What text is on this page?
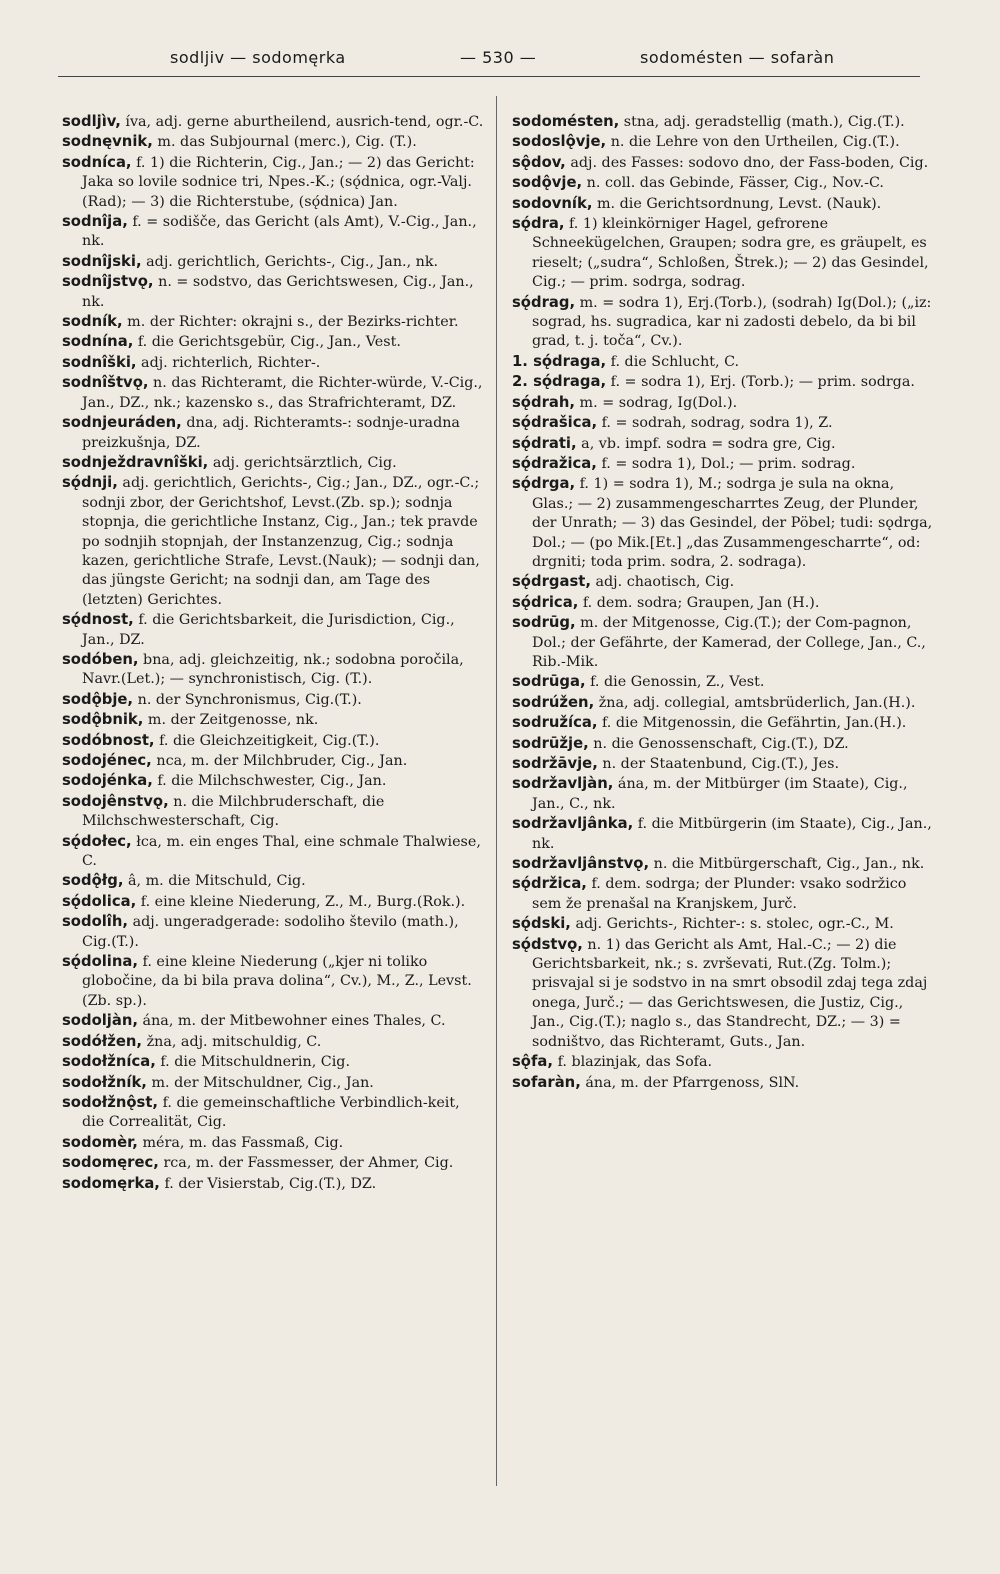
sodljiv — sodomęrka	— 530 —	sodoméstеn — sofaràn
sodljìv, íva, adj. gerne aburtheilend, ausrich-tend, ogr.-C.
sodnęvnik, m. das Subjournal (merc.), Cig. (T.).
sodníca, f. 1) die Richterin, Cig., Jan.; — 2) das Gericht: Jaka so lovile sodnice tri, Npes.-K.; (sǫ́dnica, ogr.-Valj. (Rad); — 3) die Richterstube, (sǫ́dnica) Jan.
sodnîja, f. = sodišče, das Gericht (als Amt), V.-Cig., Jan., nk.
sodnîjski, adj. gerichtlich, Gerichts-, Cig., Jan., nk.
sodnîjstvǫ, n. = sodstvo, das Gerichtswesen, Cig., Jan., nk.
sodník, m. der Richter: okrajni s., der Bezirks-richter.
sodnína, f. die Gerichtsgebür, Cig., Jan., Vest.
sodnîški, adj. richterlich, Richter-.
sodnîštvǫ, n. das Richteramt, die Richter-würde, V.-Cig., Jan., DZ., nk.; kazensko s., das Strafrichteramt, DZ.
sodnjeuráden, dna, adj. Richteramts-: sodnje-uradna preizkušnja, DZ.
sodnježdravnîški, adj. gerichtsärztlich, Cig.
sǫ́dnji, adj. gerichtlich, Gerichts-, Cig.; Jan., DZ., ogr.-C.; sodnji zbor, der Gerichtshof, Levst.(Zb. sp.); sodnja stopnja, die gerichtliche Instanz, Cig., Jan.; tek pravde po sodnjih stopnjah, der Instanzenzug, Cig.; sodnja kazen, gerichtliche Strafe, Levst.(Nauk); — sodnji dan, das jüngste Gericht; na sodnji dan, am Tage des (letzten) Gerichtes.
sǫ́dnost, f. die Gerichtsbarkeit, die Jurisdiction, Cig., Jan., DZ.
sodóben, bna, adj. gleichzeitig, nk.; sodobna poročila, Navr.(Let.); — synchronistisch, Cig. (T.).
sodǫ̂bje, n. der Synchronismus, Cig.(T.).
sodǫ̂bnik, m. der Zeitgenosse, nk.
sodóbnost, f. die Gleichzeitigkeit, Cig.(T.).
sodojénec, nca, m. der Milchbruder, Cig., Jan.
sodojénka, f. die Milchschwester, Cig., Jan.
sodojênstvǫ, n. die Milchbruderschaft, die Milchschwesterschaft, Cig.
sǫ́dołec, łca, m. ein enges Thal, eine schmale Thalwiese, C.
sodǫ̂łg, â, m. die Mitschuld, Cig.
sǫ́dolica, f. eine kleine Niederung, Z., M., Burg.(Rok.).
sodolîh, adj. ungeradgerade: sodoliho število (math.), Cig.(T.).
sǫ́dolina, f. eine kleine Niederung („kjer ni toliko globočine, da bi bila prava dolina“, Cv.), M., Z., Levst.(Zb. sp.).
sodoljàn, ána, m. der Mitbewohner eines Thales, C.
sodółžen, žna, adj. mitschuldig, C.
sodołžníca, f. die Mitschuldnerin, Cig.
sodołžník, m. der Mitschuldner, Cig., Jan.
sodołžnǫ̂st, f. die gemeinschaftliche Verbindlich-keit, die Correalität, Cig.
sodomèr, méra, m. das Fassmaß, Cig.
sodomęrec, rca, m. der Fassmesser, der Ahmer, Cig.
sodomęrka, f. der Visierstab, Cig.(T.), DZ.
sodoméstеn, stna, adj. geradstellig (math.), Cig.(T.).
sodoslǫ̂vje, n. die Lehre von den Urtheilen, Cig.(T.).
sǫ̂dov, adj. des Fasses: sodovo dno, der Fass-boden, Cig.
sodǫ̂vje, n. coll. das Gebinde, Fässer, Cig., Nov.-C.
sodovník, m. die Gerichtsordnung, Levst. (Nauk).
sǫ́dra, f. 1) kleinkörniger Hagel, gefrorene Schneekügelchen, Graupen; sodra gre, es gräupelt, es rieselt; („sudra“, Schloßen, Štrek.); — 2) das Gesindel, Cig.; — prim. sodrga, sodrag.
sǫ́drag, m. = sodra 1), Erj.(Torb.), (sodrah) Ig(Dol.); („iz: sograd, hs. sugradica, kar ni zadosti debelo, da bi bil grad, t. j. toča“, Cv.).
1. sǫ́draga, f. die Schlucht, C.
2. sǫ́draga, f. = sodra 1), Erj. (Torb.); — prim. sodrga.
sǫ́drah, m. = sodrag, Ig(Dol.).
sǫ́drašica, f. = sodrah, sodrag, sodra 1), Z.
sǫ́drati, a, vb. impf. sodra = sodra gre, Cig.
sǫ́dražica, f. = sodra 1), Dol.; — prim. sodrag.
sǫ́drga, f. 1) = sodra 1), M.; sodrga je sula na okna, Glas.; — 2) zusammengescharrtes Zeug, der Plunder, der Unrath; — 3) das Gesindel, der Pöbel; tudi: sǫdrga, Dol.; — (po Mik.[Et.] „das Zusammengescharrte“, od: drgniti; toda prim. sodra, 2. sodraga).
sǫ́drgast, adj. chaotisch, Cig.
sǫ́drica, f. dem. sodra; Graupen, Jan (H.).
sodrūg, m. der Mitgenosse, Cig.(T.); der Com-pagnon, Dol.; der Gefährte, der Kamerad, der College, Jan., C., Rib.-Mik.
sodrūga, f. die Genossin, Z., Vest.
sodrúžen, žna, adj. collegial, amtsbrüderlich, Jan.(H.).
sodružíca, f. die Mitgenossin, die Gefährtin, Jan.(H.).
sodrūžje, n. die Genossenschaft, Cig.(T.), DZ.
sodržāvje, n. der Staatenbund, Cig.(T.), Jes.
sodržavljàn, ána, m. der Mitbürger (im Staate), Cig., Jan., C., nk.
sodržavljânka, f. die Mitbürgerin (im Staate), Cig., Jan., nk.
sodržavljânstvǫ, n. die Mitbürgerschaft, Cig., Jan., nk.
sǫ́držica, f. dem. sodrga; der Plunder: vsako sodržico sem že prenašal na Kranjskem, Jurč.
sǫ́dski, adj. Gerichts-, Richter-: s. stolec, ogr.-C., M.
sǫ́dstvǫ, n. 1) das Gericht als Amt, Hal.-C.; — 2) die Gerichtsbarkeit, nk.; s. zvrševati, Rut.(Zg. Tolm.); prisvajal si je sodstvo in na smrt obsodil zdaj tega zdaj onega, Jurč.; — das Gerichtswesen, die Justiz, Cig., Jan., Cig.(T.); naglo s., das Standrecht, DZ.; — 3) = sodništvo, das Richteramt, Guts., Jan.
sǫ̂fa, f. blazinjak, das Sofa.
sofaràn, ána, m. der Pfarrgenoss, SlN.
